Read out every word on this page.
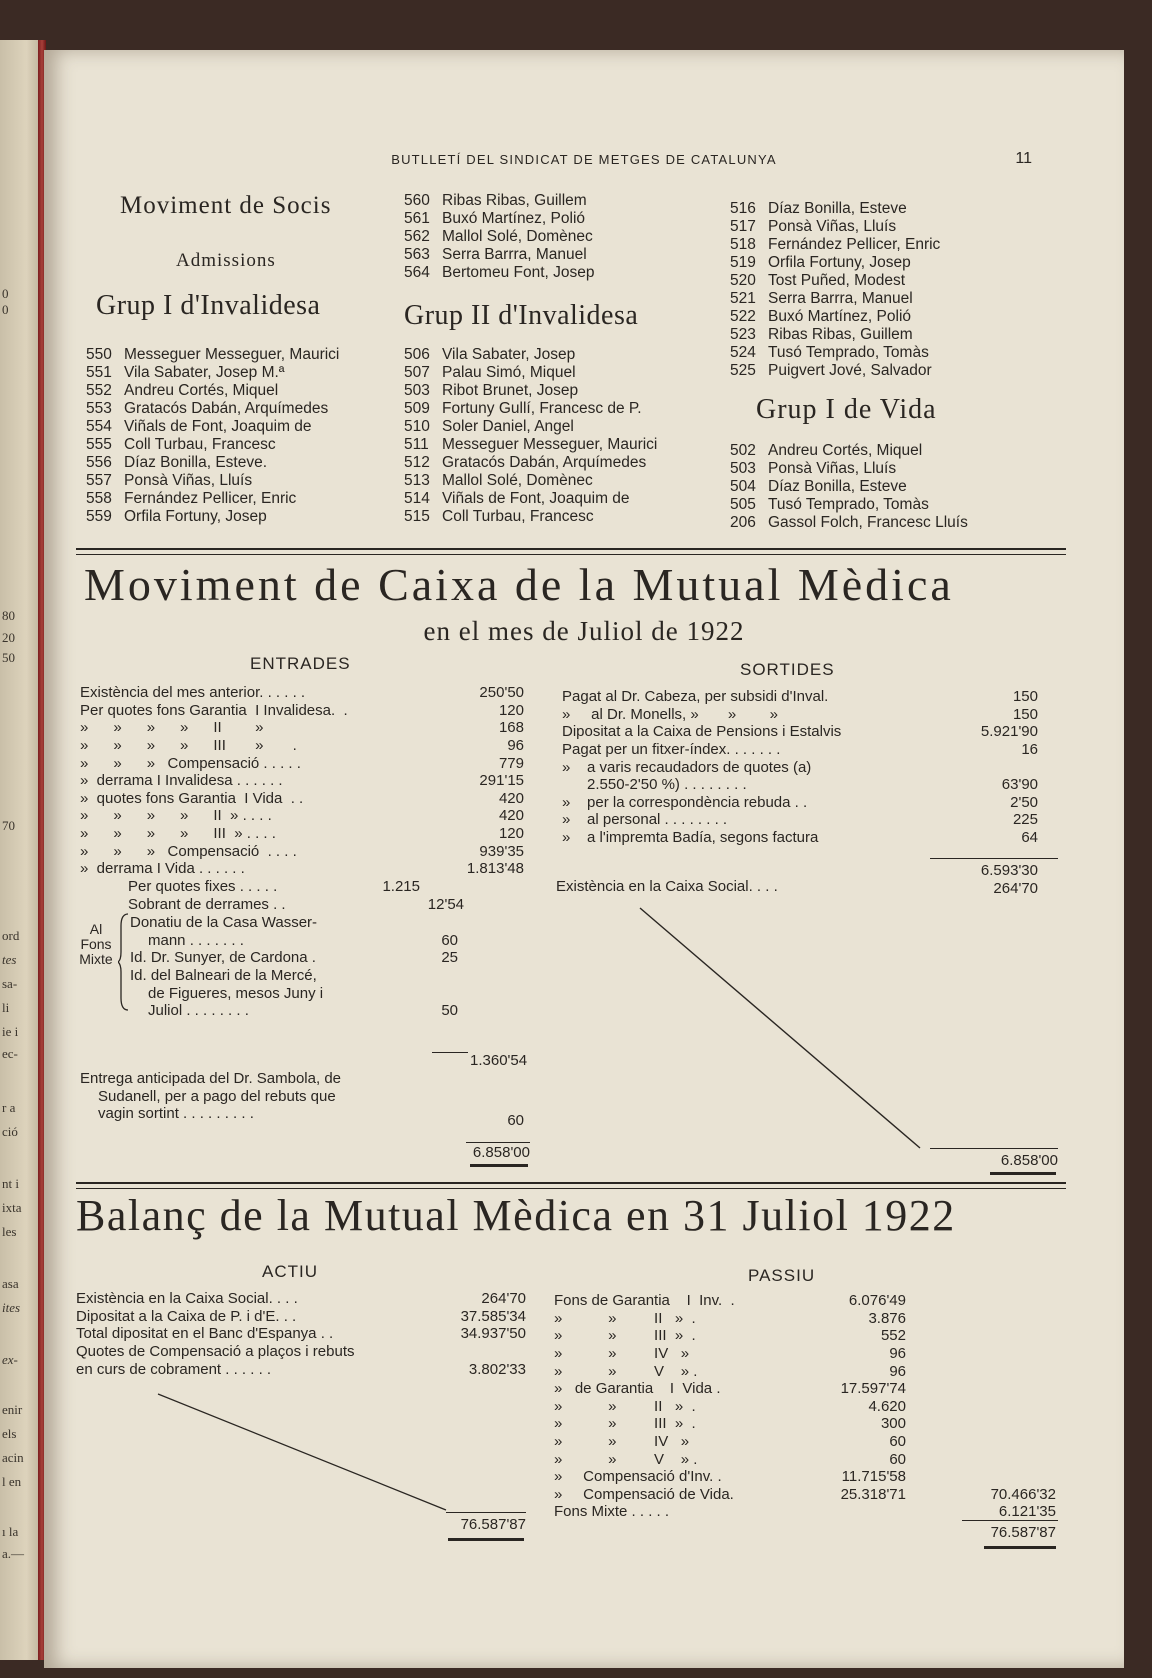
0
0
80
20
50
70
ord
tes
sa-
li
ie i
ec-
r a
ció
nt i
ixta
les
asa
ites
ex-
enir
els
acin
l en
ı la
a.—
BUTLLETÍ DEL SINDICAT DE METGES DE CATALUNYA	11
Moviment de Socis
Admissions
Grup I d'Invalidesa
550 Messeguer Messeguer, Maurici
551 Vila Sabater, Josep M.ª
552 Andreu Cortés, Miquel
553 Gratacós Dabán, Arquímedes
554 Viñals de Font, Joaquim de
555 Coll Turbau, Francesc
556 Díaz Bonilla, Esteve.
557 Ponsà Viñas, Lluís
558 Fernández Pellicer, Enric
559 Orfila Fortuny, Josep
560 Ribas Ribas, Guillem
561 Buxó Martínez, Polió
562 Mallol Solé, Domènec
563 Serra Barrra, Manuel
564 Bertomeu Font, Josep
Grup II d'Invalidesa
506 Vila Sabater, Josep
507 Palau Simó, Miquel
503 Ribot Brunet, Josep
509 Fortuny Gullí, Francesc de P.
510 Soler Daniel, Angel
511 Messeguer Messeguer, Maurici
512 Gratacós Dabán, Arquímedes
513 Mallol Solé, Domènec
514 Viñals de Font, Joaquim de
515 Coll Turbau, Francesc
516 Díaz Bonilla, Esteve
517 Ponsà Viñas, Lluís
518 Fernández Pellicer, Enric
519 Orfila Fortuny, Josep
520 Tost Puñed, Modest
521 Serra Barrra, Manuel
522 Buxó Martínez, Polió
523 Ribas Ribas, Guillem
524 Tusó Temprado, Tomàs
525 Puigvert Jové, Salvador
Grup I de Vida
502 Andreu Cortés, Miquel
503 Ponsà Viñas, Lluís
504 Díaz Bonilla, Esteve
505 Tusó Temprado, Tomàs
206 Gassol Folch, Francesc Lluís
Moviment de Caixa de la Mutual Mèdica
en el mes de Juliol de 1922
ENTRADES	SORTIDES
Existència del mes anterior. . . . . .	250'50
Per quotes fons Garantia  I Invalidesa.  .	120
»      »      »      »      II        »	168
»      »      »      »      III       »       .	96
»      »      »   Compensació . . . . .	779
»  derrama I Invalidesa . . . . . .	291'15
»  quotes fons Garantia  I Vida  . .	420
»      »      »      »      II  » . . . .	420
»      »      »      »      III  » . . . .	120
»      »      »   Compensació  . . . .	939'35
»  derrama I Vida . . . . . .	1.813'48
Per quotes fixes . . . . .	1.215
Sobrant de derrames . .	12'54
Al Fons Mixte
Donatiu de la Casa Wasser-
mann . . . . . . .	60
Id. Dr. Sunyer, de Cardona .	25
Id. del Balneari de la Mercé,
de Figueres, mesos Juny i
Juliol . . . . . . . .	50
1.360'54
Entrega anticipada del Dr. Sambola, de
Sudanell, per a pago del rebuts que
vagin sortint . . . . . . . . .	60
6.858'00
Pagat al Dr. Cabeza, per subsidi d'Inval.	150
»     al Dr. Monells, »       »        »	150
Dipositat a la Caixa de Pensions i Estalvis	5.921'90
Pagat per un fitxer-índex. . . . . . .	16
»    a varis recaudadors de quotes (a)
2.550-2'50 %) . . . . . . . .	63'90
»    per la correspondència rebuda . .	2'50
»    al personal . . . . . . . .	225
»    a l'impremta Badía, segons factura	64
6.593'30
Existència en la Caixa Social. . . .	264'70
6.858'00
Balanç de la Mutual Mèdica en 31 Juliol 1922
ACTIU	PASSIU
Existència en la Caixa Social. . . .	264'70
Dipositat a la Caixa de P. i d'E. . .	37.585'34
Total dipositat en el Banc d'Espanya . .	34.937'50
Quotes de Compensació a plaços i rebuts
en curs de cobrament . . . . . .	3.802'33
76.587'87
Fons de Garantia    I  Inv.  .	6.076'49
»           »         II   »  .	3.876
»           »         III  »  .	552
»           »         IV   »	96
»           »         V    » .	96
»   de Garantia    I  Vida .	17.597'74
»           »         II   »  .	4.620
»           »         III  »  .	300
»           »         IV   »	60
»           »         V    » .	60
»     Compensació d'Inv. .	11.715'58
»     Compensació de Vida.	25.318'71	70.466'32
Fons Mixte . . . . .	6.121'35
76.587'87
